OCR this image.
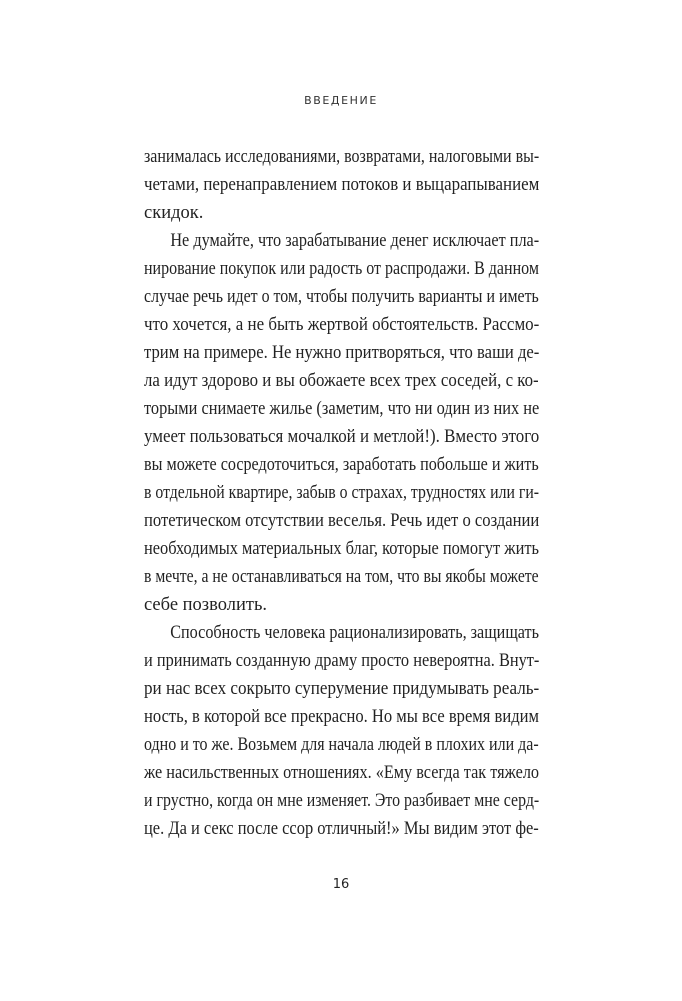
ВВЕДЕНИЕ
занималась исследованиями, возвратами, налоговыми вы-
четами, перенаправлением потоков и выцарапыванием
скидок.
Не думайте, что зарабатывание денег исключает пла-
нирование покупок или радость от распродажи. В данном
случае речь идет о том, чтобы получить варианты и иметь
что хочется, а не быть жертвой обстоятельств. Рассмо-
трим на примере. Не нужно притворяться, что ваши де-
ла идут здорово и вы обожаете всех трех соседей, с ко-
торыми снимаете жилье (заметим, что ни один из них не
умеет пользоваться мочалкой и метлой!). Вместо этого
вы можете сосредоточиться, заработать побольше и жить
в отдельной квартире, забыв о страхах, трудностях или ги-
потетическом отсутствии веселья. Речь идет о создании
необходимых материальных благ, которые помогут жить
в мечте, а не останавливаться на том, что вы якобы можете
себе позволить.
Способность человека рационализировать, защищать
и принимать созданную драму просто невероятна. Внут-
ри нас всех сокрыто суперумение придумывать реаль-
ность, в которой все прекрасно. Но мы все время видим
одно и то же. Возьмем для начала людей в плохих или да-
же насильственных отношениях. «Ему всегда так тяжело
и грустно, когда он мне изменяет. Это разбивает мне серд-
це. Да и секс после ссор отличный!» Мы видим этот фе-
16
